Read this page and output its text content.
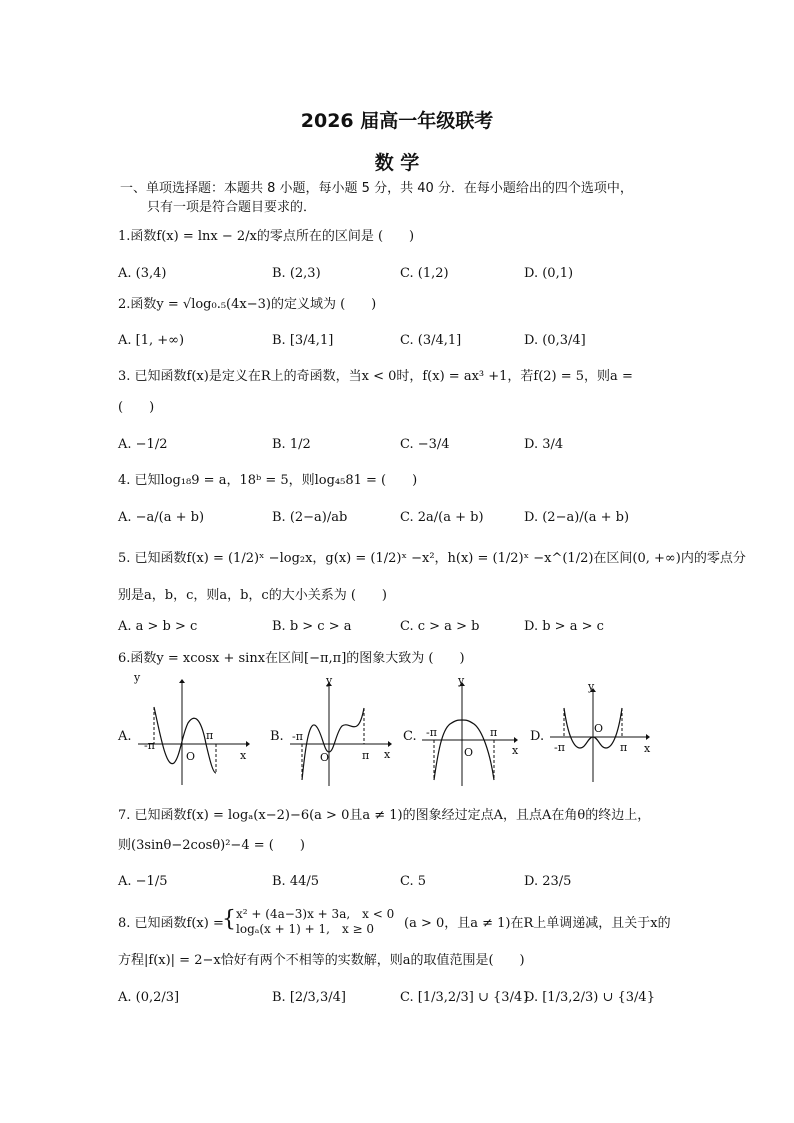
2026 届高一年级联考
数 学
一、单项选择题：本题共 8 小题，每小题 5 分，共 40 分．在每小题给出的四个选项中，
只有一项是符合题目要求的．
1.函数f(x) = lnx − 2/x的零点所在的区间是 (　　)
A. (3,4)	B. (2,3)	C. (1,2)	D. (0,1)
2.函数y = √log₀.₅(4x−3)的定义域为 (　　)
A. [1, +∞)	B. [3/4,1]	C. (3/4,1]	D. (0,3/4]
3. 已知函数f(x)是定义在R上的奇函数，当x < 0时，f(x) = ax³ +1，若f(2) = 5，则a =
(　　)
A. −1/2	B. 1/2	C. −3/4	D. 3/4
4. 已知log₁₈9 = a，18ᵇ = 5，则log₄₅81 = (　　)
A. −a/(a + b)	B. (2−a)/ab	C. 2a/(a + b)	D. (2−a)/(a + b)
5. 已知函数f(x) = (1/2)ˣ −log₂x，g(x) = (1/2)ˣ −x²，h(x) = (1/2)ˣ −x^(1/2)在区间(0, +∞)内的零点分
别是a，b，c，则a，b，c的大小关系为 (　　)
A. a > b > c	B. b > c > a	C. c > a > b	D. b > a > c
6.函数y = xcosx + sinx在区间[−π,π]的图象大致为 (　　)
A.
y
x
O
π
-π
B.
y
x
O	π
-π	C.
y
x
O
π
-π	D.
y
x
O
π
-π
7. 已知函数f(x) = logₐ(x−2)−6(a > 0且a ≠ 1)的图象经过定点A，且点A在角θ的终边上，
则(3sinθ−2cosθ)²−4 = (　　)
A. −1/5	B. 44/5	C. 5	D. 23/5
8. 已知函数f(x) =
{ x² + (4a−3)x + 3a,　x < 0
logₐ(x + 1) + 1,　x ≥ 0 (a > 0，且a ≠ 1)在R上单调递减，且关于x的
方程|f(x)| = 2−x恰好有两个不相等的实数解，则a的取值范围是(　　)
A. (0,2/3]	B. [2/3,3/4]	C. [1/3,2/3] ∪ {3/4}
D. [1/3,2/3) ∪ {3/4}
